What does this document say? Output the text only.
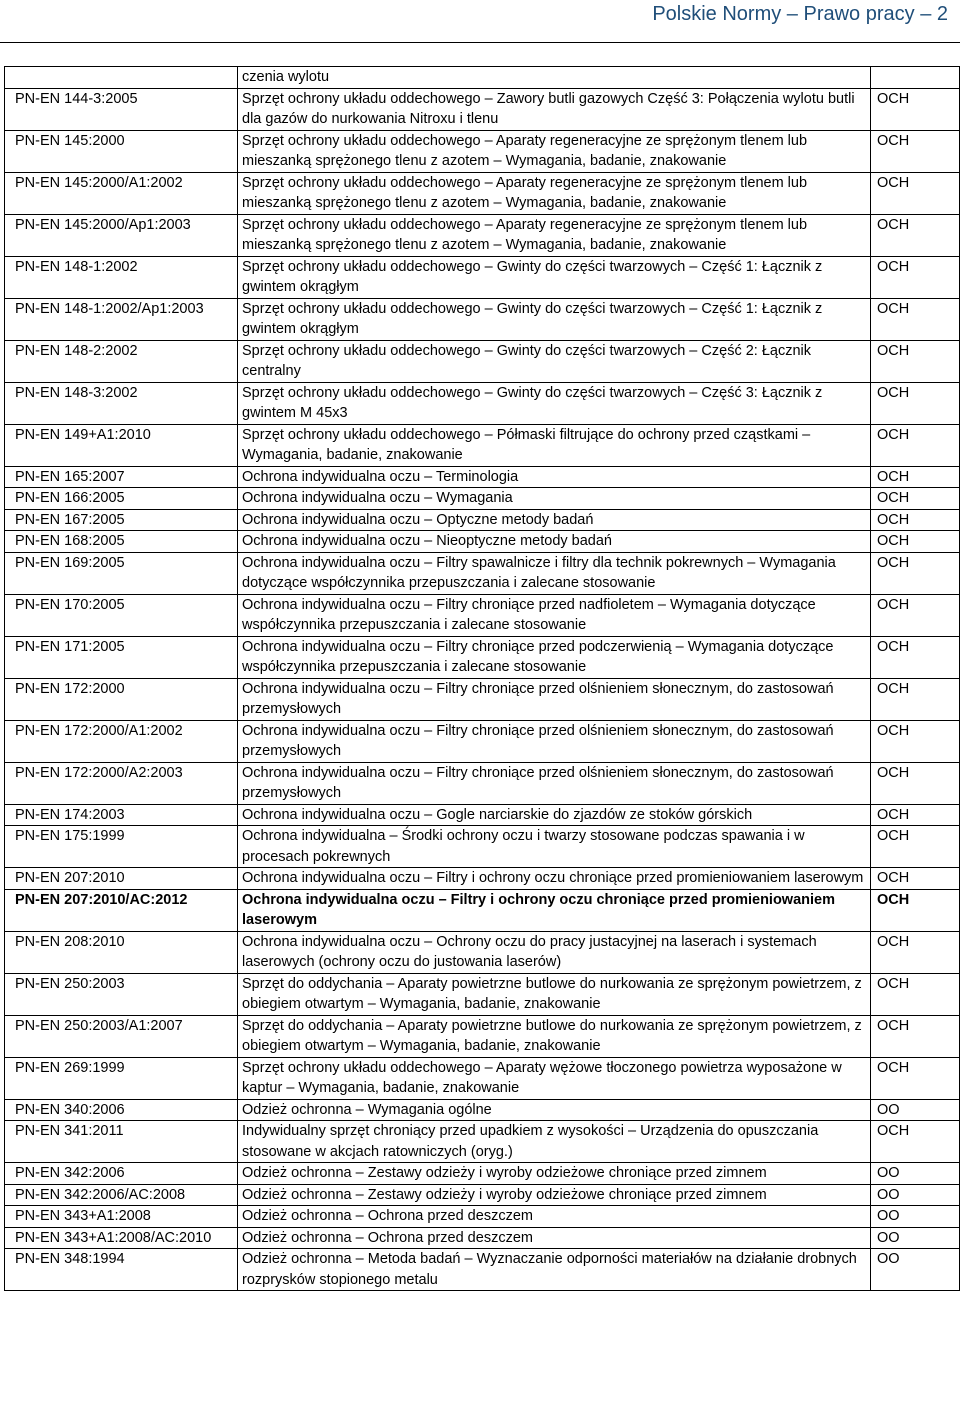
Polskie Normy – Prawo pracy – 2
	czenia wylotu	
PN-EN 144-3:2005	Sprzęt ochrony układu oddechowego – Zawory butli gazowych Część 3: Połączenia wylotu butli dla gazów do nurkowania Nitroxu i tlenu	OCH
PN-EN 145:2000	Sprzęt ochrony układu oddechowego – Aparaty regeneracyjne ze sprężonym tlenem lub mieszanką sprężonego tlenu z azotem – Wymagania, badanie, znakowanie	OCH
PN-EN 145:2000/A1:2002	Sprzęt ochrony układu oddechowego – Aparaty regeneracyjne ze sprężonym tlenem lub mieszanką sprężonego tlenu z azotem – Wymagania, badanie, znakowanie	OCH
PN-EN 145:2000/Ap1:2003	Sprzęt ochrony układu oddechowego – Aparaty regeneracyjne ze sprężonym tlenem lub mieszanką sprężonego tlenu z azotem – Wymagania, badanie, znakowanie	OCH
PN-EN 148-1:2002	Sprzęt ochrony układu oddechowego – Gwinty do części twarzowych – Część 1: Łącznik z gwintem okrągłym	OCH
PN-EN 148-1:2002/Ap1:2003	Sprzęt ochrony układu oddechowego – Gwinty do części twarzowych – Część 1: Łącznik z gwintem okrągłym	OCH
PN-EN 148-2:2002	Sprzęt ochrony układu oddechowego – Gwinty do części twarzowych – Część 2: Łącznik centralny	OCH
PN-EN 148-3:2002	Sprzęt ochrony układu oddechowego – Gwinty do części twarzowych – Część 3: Łącznik z gwintem M 45x3	OCH
PN-EN 149+A1:2010	Sprzęt ochrony układu oddechowego – Półmaski filtrujące do ochrony przed cząstkami – Wymagania, badanie, znakowanie	OCH
PN-EN 165:2007	Ochrona indywidualna oczu – Terminologia	OCH
PN-EN 166:2005	Ochrona indywidualna oczu – Wymagania	OCH
PN-EN 167:2005	Ochrona indywidualna oczu – Optyczne metody badań	OCH
PN-EN 168:2005	Ochrona indywidualna oczu – Nieoptyczne metody badań	OCH
PN-EN 169:2005	Ochrona indywidualna oczu – Filtry spawalnicze i filtry dla technik pokrewnych – Wymagania dotyczące współczynnika przepuszczania i zalecane stosowanie	OCH
PN-EN 170:2005	Ochrona indywidualna oczu – Filtry chroniące przed nadfioletem – Wymagania dotyczące współczynnika przepuszczania i zalecane stosowanie	OCH
PN-EN 171:2005	Ochrona indywidualna oczu – Filtry chroniące przed podczerwienią – Wymagania dotyczące współczynnika przepuszczania i zalecane stosowanie	OCH
PN-EN 172:2000	Ochrona indywidualna oczu – Filtry chroniące przed olśnieniem słonecznym, do zastosowań przemysłowych	OCH
PN-EN 172:2000/A1:2002	Ochrona indywidualna oczu – Filtry chroniące przed olśnieniem słonecznym, do zastosowań przemysłowych	OCH
PN-EN 172:2000/A2:2003	Ochrona indywidualna oczu – Filtry chroniące przed olśnieniem słonecznym, do zastosowań przemysłowych	OCH
PN-EN 174:2003	Ochrona indywidualna oczu – Gogle narciarskie do zjazdów ze stoków górskich	OCH
PN-EN 175:1999	Ochrona indywidualna – Środki ochrony oczu i twarzy stosowane podczas spawania i w procesach pokrewnych	OCH
PN-EN 207:2010	Ochrona indywidualna oczu – Filtry i ochrony oczu chroniące przed promieniowaniem laserowym	OCH
PN-EN 207:2010/AC:2012	Ochrona indywidualna oczu – Filtry i ochrony oczu chroniące przed promieniowaniem laserowym	OCH
PN-EN 208:2010	Ochrona indywidualna oczu – Ochrony oczu do pracy justacyjnej na laserach i systemach laserowych (ochrony oczu do justowania laserów)	OCH
PN-EN 250:2003	Sprzęt do oddychania – Aparaty powietrzne butlowe do nurkowania ze sprężonym powietrzem, z obiegiem otwartym – Wymagania, badanie, znakowanie	OCH
PN-EN 250:2003/A1:2007	Sprzęt do oddychania – Aparaty powietrzne butlowe do nurkowania ze sprężonym powietrzem, z obiegiem otwartym – Wymagania, badanie, znakowanie	OCH
PN-EN 269:1999	Sprzęt ochrony układu oddechowego – Aparaty wężowe tłoczonego powietrza wyposażone w kaptur – Wymagania, badanie, znakowanie	OCH
PN-EN 340:2006	Odzież ochronna – Wymagania ogólne	OO
PN-EN 341:2011	Indywidualny sprzęt chroniący przed upadkiem z wysokości – Urządzenia do opuszczania stosowane w akcjach ratowniczych (oryg.)	OCH
PN-EN 342:2006	Odzież ochronna – Zestawy odzieży i wyroby odzieżowe chroniące przed zimnem	OO
PN-EN 342:2006/AC:2008	Odzież ochronna – Zestawy odzieży i wyroby odzieżowe chroniące przed zimnem	OO
PN-EN 343+A1:2008	Odzież ochronna – Ochrona przed deszczem	OO
PN-EN 343+A1:2008/AC:2010	Odzież ochronna – Ochrona przed deszczem	OO
PN-EN 348:1994	Odzież ochronna – Metoda badań – Wyznaczanie odporności materiałów na działanie drobnych rozprysków stopionego metalu	OO
